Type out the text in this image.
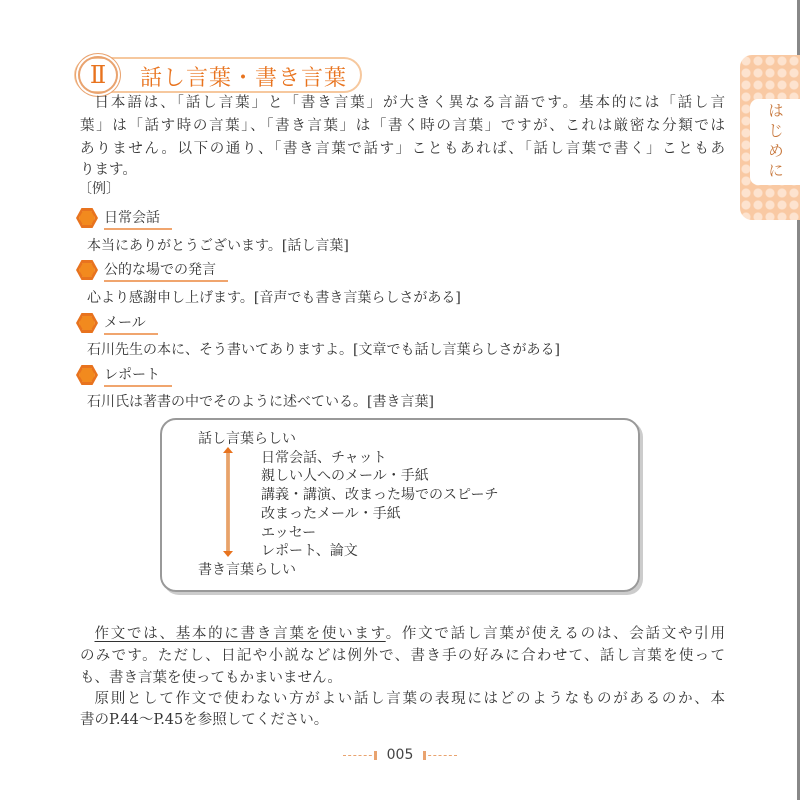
Ⅱ	話し言葉・書き言葉
はじめに
日本語は、「話し言葉」と「書き言葉」が大きく異なる言語です。基本的には「話し言
葉」は「話す時の言葉」、「書き言葉」は「書く時の言葉」ですが、これは厳密な分類では
ありません。以下の通り、「書き言葉で話す」こともあれば、「話し言葉で書く」こともあ
ります。
〔例〕
日常会話
本当にありがとうございます。[話し言葉]
公的な場での発言
心より感謝申し上げます。[音声でも書き言葉らしさがある]
メール
石川先生の本に、そう書いてありますよ。[文章でも話し言葉らしさがある]
レポート
石川氏は著書の中でそのように述べている。[書き言葉]
話し言葉らしい
日常会話、チャット
親しい人へのメール・手紙
講義・講演、改まった場でのスピーチ
改まったメール・手紙
エッセー
レポート、論文
書き言葉らしい
作文では、基本的に書き言葉を使います。作文で話し言葉が使えるのは、会話文や引用
のみです。ただし、日記や小説などは例外で、書き手の好みに合わせて、話し言葉を使って
も、書き言葉を使ってもかまいません。
原則として作文で使わない方がよい話し言葉の表現にはどのようなものがあるのか、本
書のP.44〜P.45を参照してください。
005
